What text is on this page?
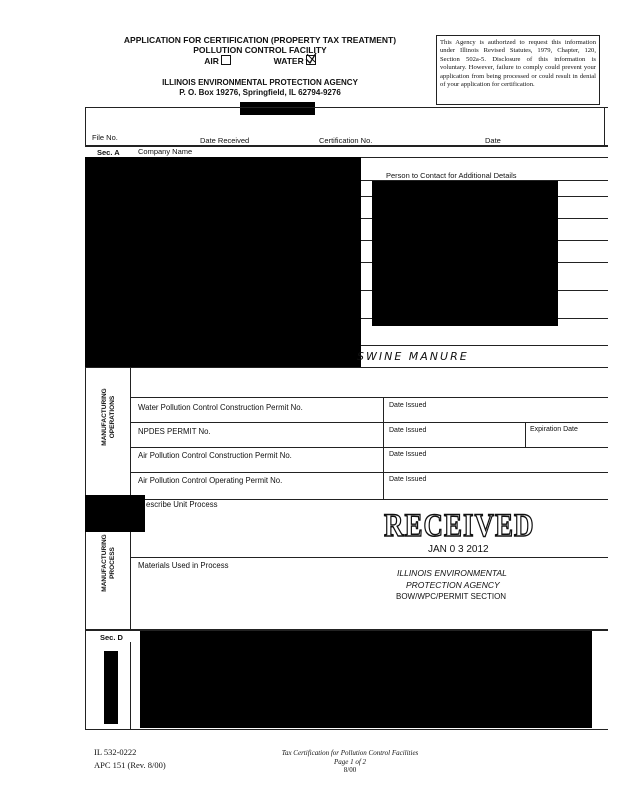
APPLICATION FOR CERTIFICATION (PROPERTY TAX TREATMENT)
POLLUTION CONTROL FACILITY
AIR	WATER
ILLINOIS ENVIRONMENTAL PROTECTION AGENCY
P. O. Box 19276, Springfield, IL 62794-9276
This Agency is authorized to request this information under Illinois Revised Statutes, 1979, Chapter, 120, Section 502a-5. Disclosure of this information is voluntary. However, failure to comply could prevent your application from being processed or could result in denial of your application for certification.
File No.	Date Received	Certification No.	Date
Sec. A Company Name
Person to Contact for Additional Details
SWINE MANURE
MANUFACTURING OPERATIONS	Water Pollution Control Construction Permit No.	Date Issued
NPDES PERMIT No.	Date Issued	Expiration Date
Air Pollution Control Construction Permit No.	Date Issued
Air Pollution Control Operating Permit No.	Date Issued
MANUFACTURING PROCESS
escribe Unit Process
Materials Used in Process
RECEIVED
JAN 0 3 2012
ILLINOIS ENVIRONMENTAL
PROTECTION AGENCY
BOW/WPC/PERMIT SECTION
Sec. D
IL 532-0222
APC 151 (Rev. 8/00)
Tax Certification for Pollution Control Facilities
Page 1 of 2
8/00
